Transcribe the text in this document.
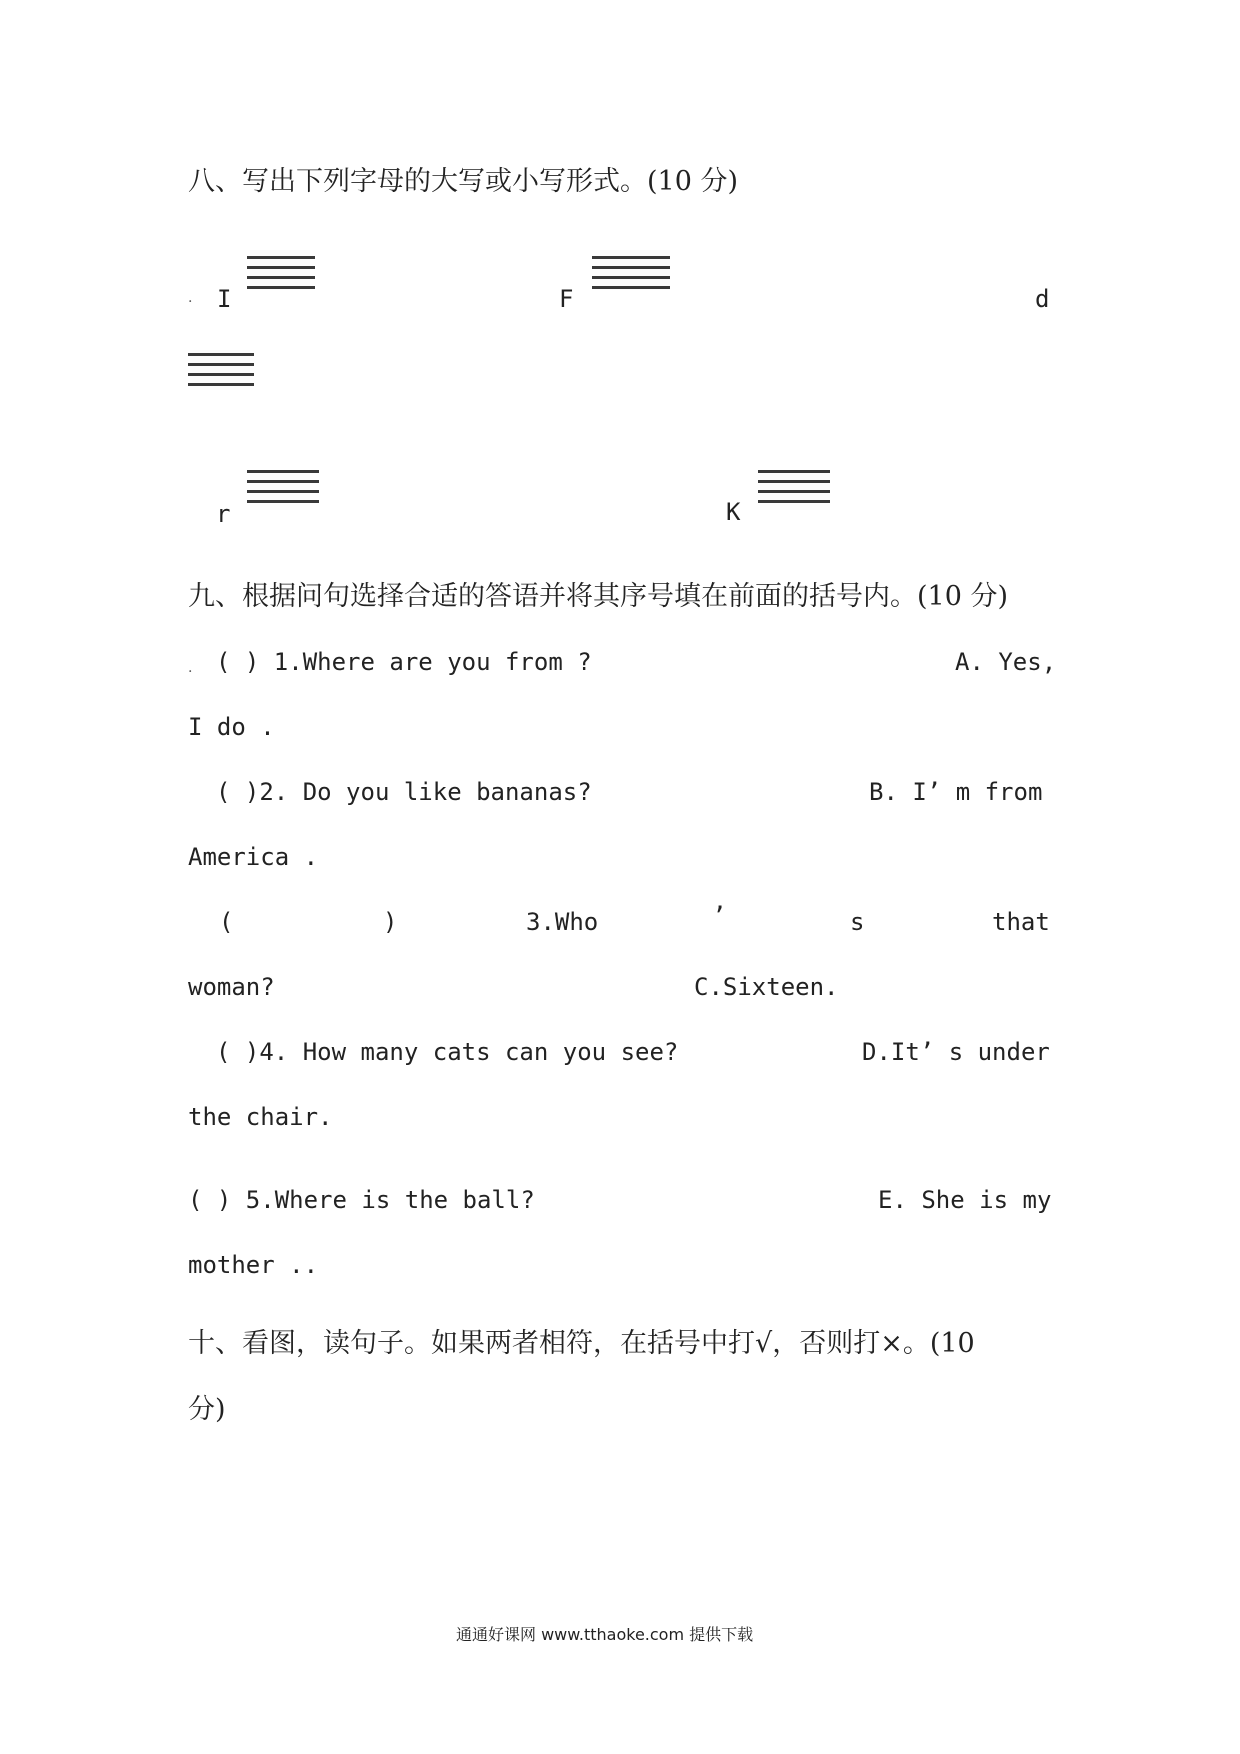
八、写出下列字母的大写或小写形式。(10 分)
. I	F	d
r	K
九、根据问句选择合适的答语并将其序号填在前面的括号内。(10 分)
. ( ) 1.Where are you from ?	A. Yes,
I do .
( )2. Do you like bananas?	B. I’ m from
America .
(	)	3.Who	’	s	that
woman?	C.Sixteen.
( )4. How many cats can you see?	D.It’ s under
the chair.
( ) 5.Where is the ball?	E. She is my
mother ..
十、看图，读句子。如果两者相符，在括号中打√，否则打×。(10
分)
通通好课网 www.tthaoke.com 提供下载
